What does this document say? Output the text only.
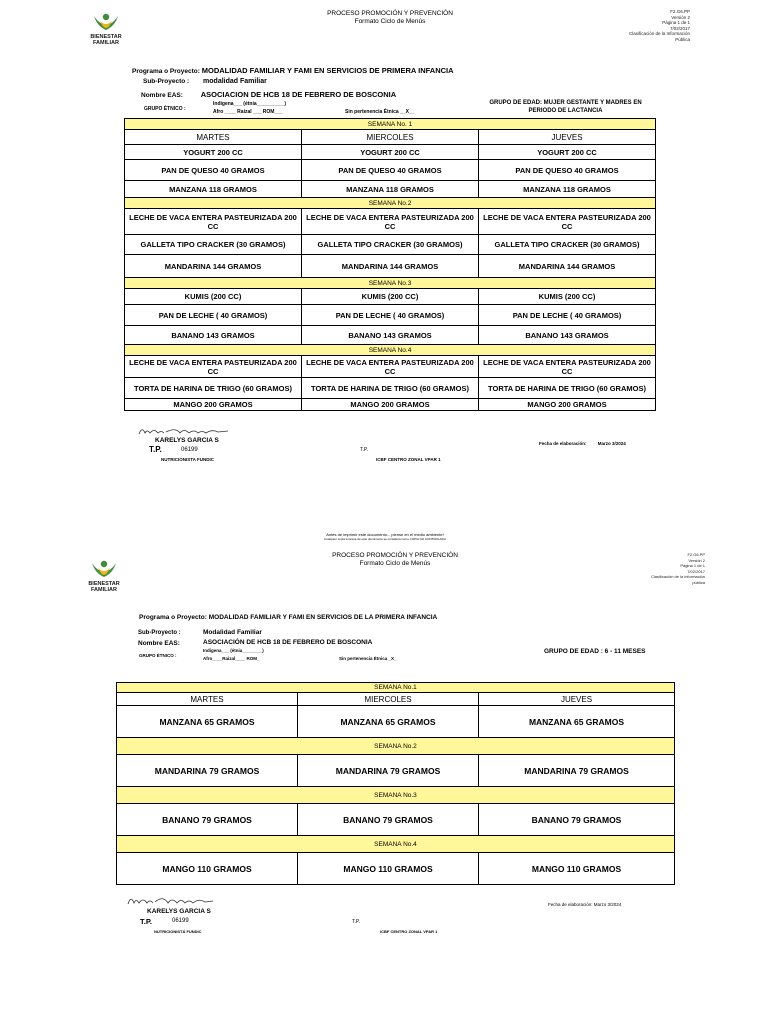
BIENESTAR
FAMILIAR
PROCESO PROMOCIÓN Y PREVENCIÓN
Formato Ciclo de Menús
F2.G6.PP
Versión 2
Página 1 de 1
7/02/2017
Clasificación de la Información
Pública
Programa o Proyecto: MODALIDAD FAMILIAR Y FAMI EN SERVICIOS DE PRIMERA INFANCIA
Sub-Proyecto : modalidad Familiar
Nombre EAS: ASOCIACION DE HCB 18 DE FEBRERO DE BOSCONIA
GRUPO ÉTNICO :
Indigena___ (étnia__________)
Afro ____ Raizal ___ ROM___	Sin pertenencia Étnica __X__
GRUPO DE EDAD: MUJER GESTANTE Y MADRES EN PERIODO DE LACTANCIA
SEMANA No. 1		
MARTES	MIERCOLES	JUEVES
YOGURT 200 CC	YOGURT 200 CC	YOGURT 200 CC
PAN DE QUESO 40 GRAMOS	PAN DE QUESO 40 GRAMOS	PAN DE QUESO 40 GRAMOS
MANZANA 118 GRAMOS	MANZANA 118 GRAMOS	MANZANA 118 GRAMOS
SEMANA No.2		
LECHE DE VACA ENTERA PASTEURIZADA 200 CC	LECHE DE VACA ENTERA PASTEURIZADA 200 CC	LECHE DE VACA ENTERA PASTEURIZADA 200 CC
GALLETA TIPO CRACKER (30 GRAMOS)	GALLETA TIPO CRACKER (30 GRAMOS)	GALLETA TIPO CRACKER (30 GRAMOS)
MANDARINA 144 GRAMOS	MANDARINA 144 GRAMOS	MANDARINA 144 GRAMOS
SEMANA No.3		
KUMIS (200 CC)	KUMIS (200 CC)	KUMIS (200 CC)
PAN DE LECHE ( 40 GRAMOS)	PAN DE LECHE ( 40 GRAMOS)	PAN DE LECHE ( 40 GRAMOS)
BANANO 143 GRAMOS	BANANO 143 GRAMOS	BANANO 143 GRAMOS
SEMANA No.4		
LECHE DE VACA ENTERA PASTEURIZADA 200 CC	LECHE DE VACA ENTERA PASTEURIZADA 200 CC	LECHE DE VACA ENTERA PASTEURIZADA 200 CC
TORTA DE HARINA DE TRIGO (60 GRAMOS)	TORTA DE HARINA DE TRIGO (60 GRAMOS)	TORTA DE HARINA DE TRIGO (60 GRAMOS)
MANGO 200 GRAMOS	MANGO 200 GRAMOS	MANGO 200 GRAMOS
KARELYS GARCIA S
T.P.	06199
NUTRICIONISTA FUNDIC
T.P.
ICBF CENTRO ZONAL VPAR 1
Fecha de elaboración:	Marzo 3/2024
Antes de imprimir este documento... piense en el medio ambiente!
Cualquier copia impresa de este documento se considera como COPIA NO CONTROLADA
BIENESTAR
FAMILIAR
PROCESO PROMOCIÓN Y PREVENCIÓN
Formato Ciclo de Menús
F2.G6.PP
Versión 2
Página 1 de 1
7/02/2017
Clasificación de la información
pública
Programa o Proyecto: MODALIDAD FAMILIAR Y FAMI EN SERVICIOS DE LA PRIMERA INFANCIA
Sub-Proyecto :	Modalidad Familiar
Nombre EAS:	ASOCIACIÓN DE HCB 18 DE FEBRERO DE BOSCONIA
GRUPO ÉTNICO :
Indigena___ (étnia________)
Afro____Raizal____ ROM_	Sin pertenencia Étnica _X_
GRUPO DE EDAD : 6 - 11 MESES
SEMANA No.1		
MARTES	MIERCOLES	JUEVES
MANZANA 65 GRAMOS	MANZANA 65 GRAMOS	MANZANA 65 GRAMOS
SEMANA No.2		
MANDARINA 79 GRAMOS	MANDARINA 79 GRAMOS	MANDARINA 79 GRAMOS
SEMANA No.3		
BANANO 79 GRAMOS	BANANO 79 GRAMOS	BANANO 79 GRAMOS
SEMANA No.4		
MANGO 110 GRAMOS	MANGO 110 GRAMOS	MANGO 110 GRAMOS
KARELYS GARCIA S
T.P.	06199
NUTRICIONISTÁ FUNDIC
T.P.
ICBF CENTRO ZONAL VPAR 1
Fecha de elaboración: Marzo 3/2024
